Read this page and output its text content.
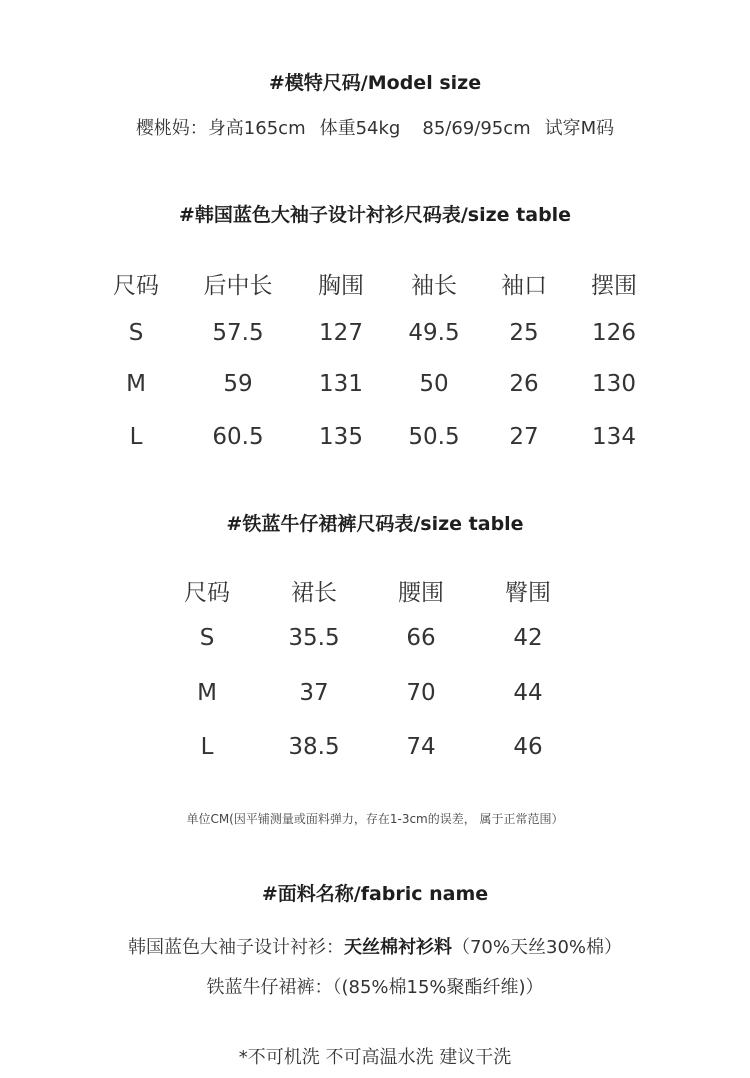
#模特尺码/Model size
樱桃妈：身高165cm 体重54kg 85/69/95cm 试穿M码
#韩国蓝色大袖子设计衬衫尺码表/size table
尺码 后中长 胸围 袖长 袖口 摆围
S	57.5 127 49.5 25 126
M	59	131 50	26 130
L	60.5 135 50.5 27 134
#铁蓝牛仔裙裤尺码表/size table
尺码	裙长	腰围	臀围
S	35.5	66	42
M	37	70	44
L	38.5	74	46
单位CM(因平铺测量或面料弹力，存在1-3cm的误差， 属于正常范围）
#面料名称/fabric name
韩国蓝色大袖子设计衬衫：天丝棉衬衫料（70%天丝30%棉）
铁蓝牛仔裙裤：（(85%棉15%聚酯纤维)）
*不可机洗 不可高温水洗 建议干洗
